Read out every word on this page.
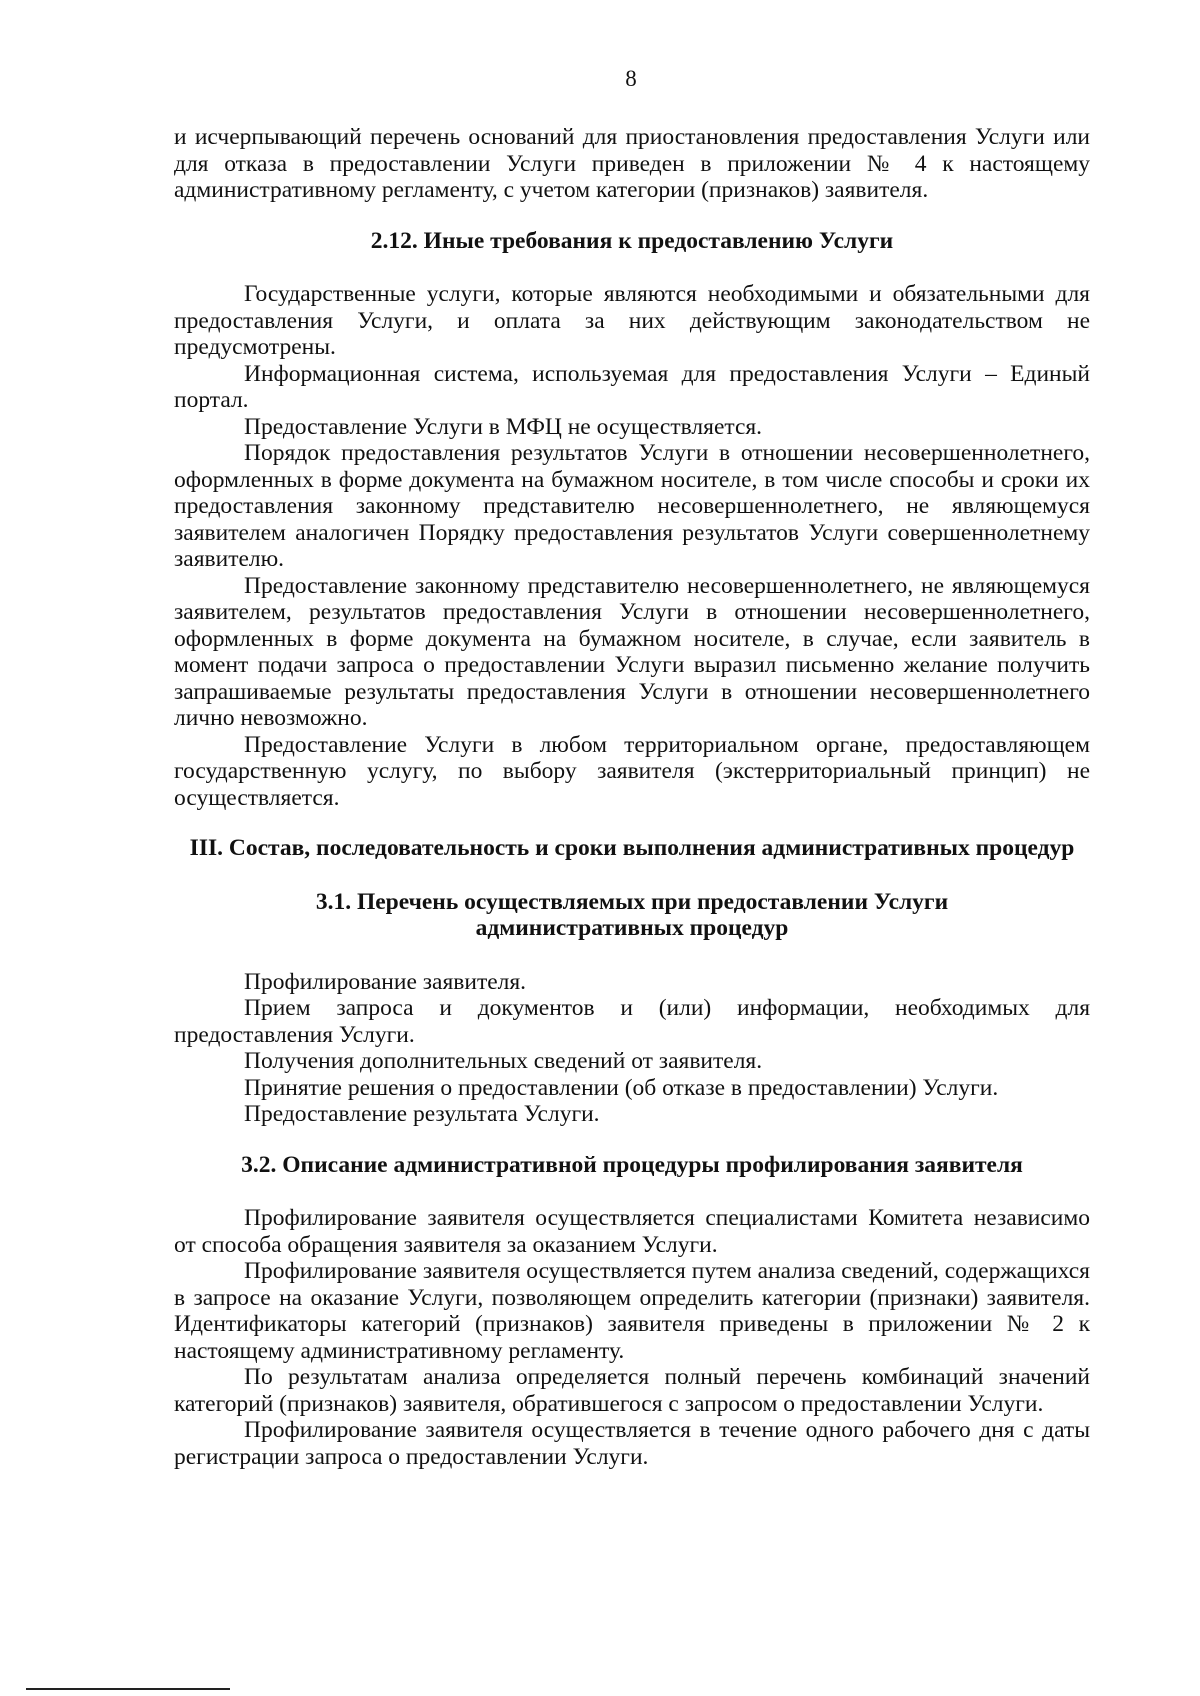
8

и исчерпывающий перечень оснований для приостановления предоставления Услуги или для отказа в предоставлении Услуги приведен в приложении № 4 к настоящему административному регламенту, с учетом категории (признаков) заявителя.

2.12. Иные требования к предоставлению Услуги

Государственные услуги, которые являются необходимыми и обязательными для предоставления Услуги, и оплата за них действующим законодательством не предусмотрены.

Информационная система, используемая для предоставления Услуги – Единый портал.

Предоставление Услуги в МФЦ не осуществляется.

Порядок предоставления результатов Услуги в отношении несовершеннолетнего, оформленных в форме документа на бумажном носителе, в том числе способы и сроки их предоставления законному представителю несовершеннолетнего, не являющемуся заявителем аналогичен Порядку предоставления результатов Услуги совершеннолетнему заявителю.

Предоставление законному представителю несовершеннолетнего, не являющемуся заявителем, результатов предоставления Услуги в отношении несовершеннолетнего, оформленных в форме документа на бумажном носителе, в случае, если заявитель в момент подачи запроса о предоставлении Услуги выразил письменно желание получить запрашиваемые результаты предоставления Услуги в отношении несовершеннолетнего лично невозможно.

Предоставление Услуги в любом территориальном органе, предоставляющем государственную услугу, по выбору заявителя (экстерриториальный принцип) не осуществляется.

III. Состав, последовательность и сроки выполнения административных процедур

3.1. Перечень осуществляемых при предоставлении Услуги административных процедур

Профилирование заявителя.

Прием запроса и документов и (или) информации, необходимых для предоставления Услуги.

Получения дополнительных сведений от заявителя.

Принятие решения о предоставлении (об отказе в предоставлении) Услуги.

Предоставление результата Услуги.

3.2. Описание административной процедуры профилирования заявителя

Профилирование заявителя осуществляется специалистами Комитета независимо от способа обращения заявителя за оказанием Услуги.

Профилирование заявителя осуществляется путем анализа сведений, содержащихся в запросе на оказание Услуги, позволяющем определить категории (признаки) заявителя. Идентификаторы категорий (признаков) заявителя приведены в приложении № 2 к настоящему административному регламенту.

По результатам анализа определяется полный перечень комбинаций значений категорий (признаков) заявителя, обратившегося с запросом о предоставлении Услуги.

Профилирование заявителя осуществляется в течение одного рабочего дня с даты регистрации запроса о предоставлении Услуги.
